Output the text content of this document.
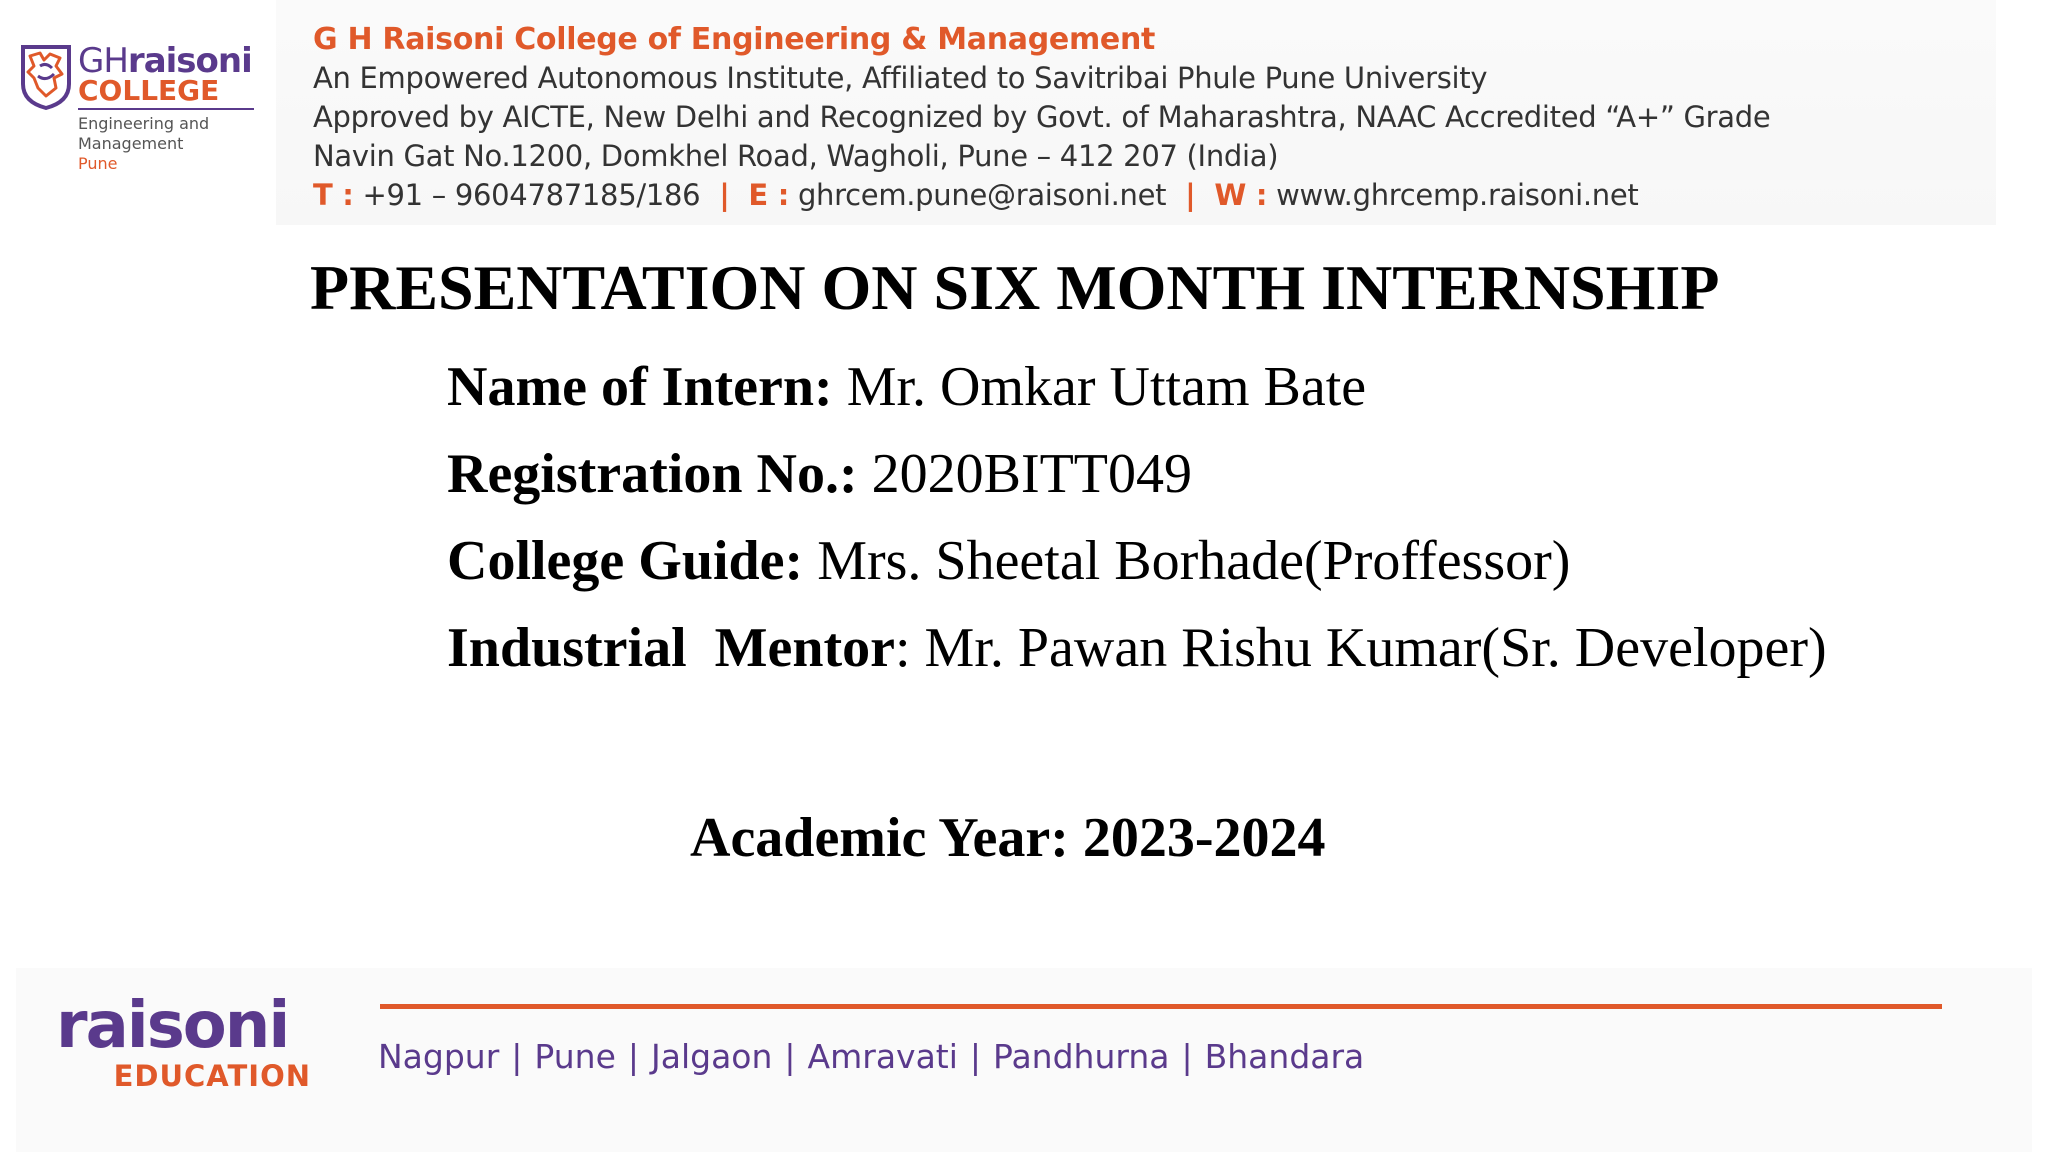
GHraisoni
COLLEGE
Engineering and
Management
Pune
G H Raisoni College of Engineering & Management
An Empowered Autonomous Institute, Affiliated to Savitribai Phule Pune University
Approved by AICTE, New Delhi and Recognized by Govt. of Maharashtra, NAAC Accredited “A+” Grade
Navin Gat No.1200, Domkhel Road, Wagholi, Pune – 412 207 (India)
T : +91 – 9604787185/186 | E : ghrcem.pune@raisoni.net | W : www.ghrcemp.raisoni.net
PRESENTATION ON SIX MONTH INTERNSHIP
Name of Intern: Mr. Omkar Uttam Bate
Registration No.: 2020BITT049
College Guide: Mrs. Sheetal Borhade(Proffessor)
Industrial  Mentor: Mr. Pawan Rishu Kumar(Sr. Developer)
Academic Year: 2023-2024
raisoni
EDUCATION Nagpur | Pune | Jalgaon | Amravati | Pandhurna | Bhandara
